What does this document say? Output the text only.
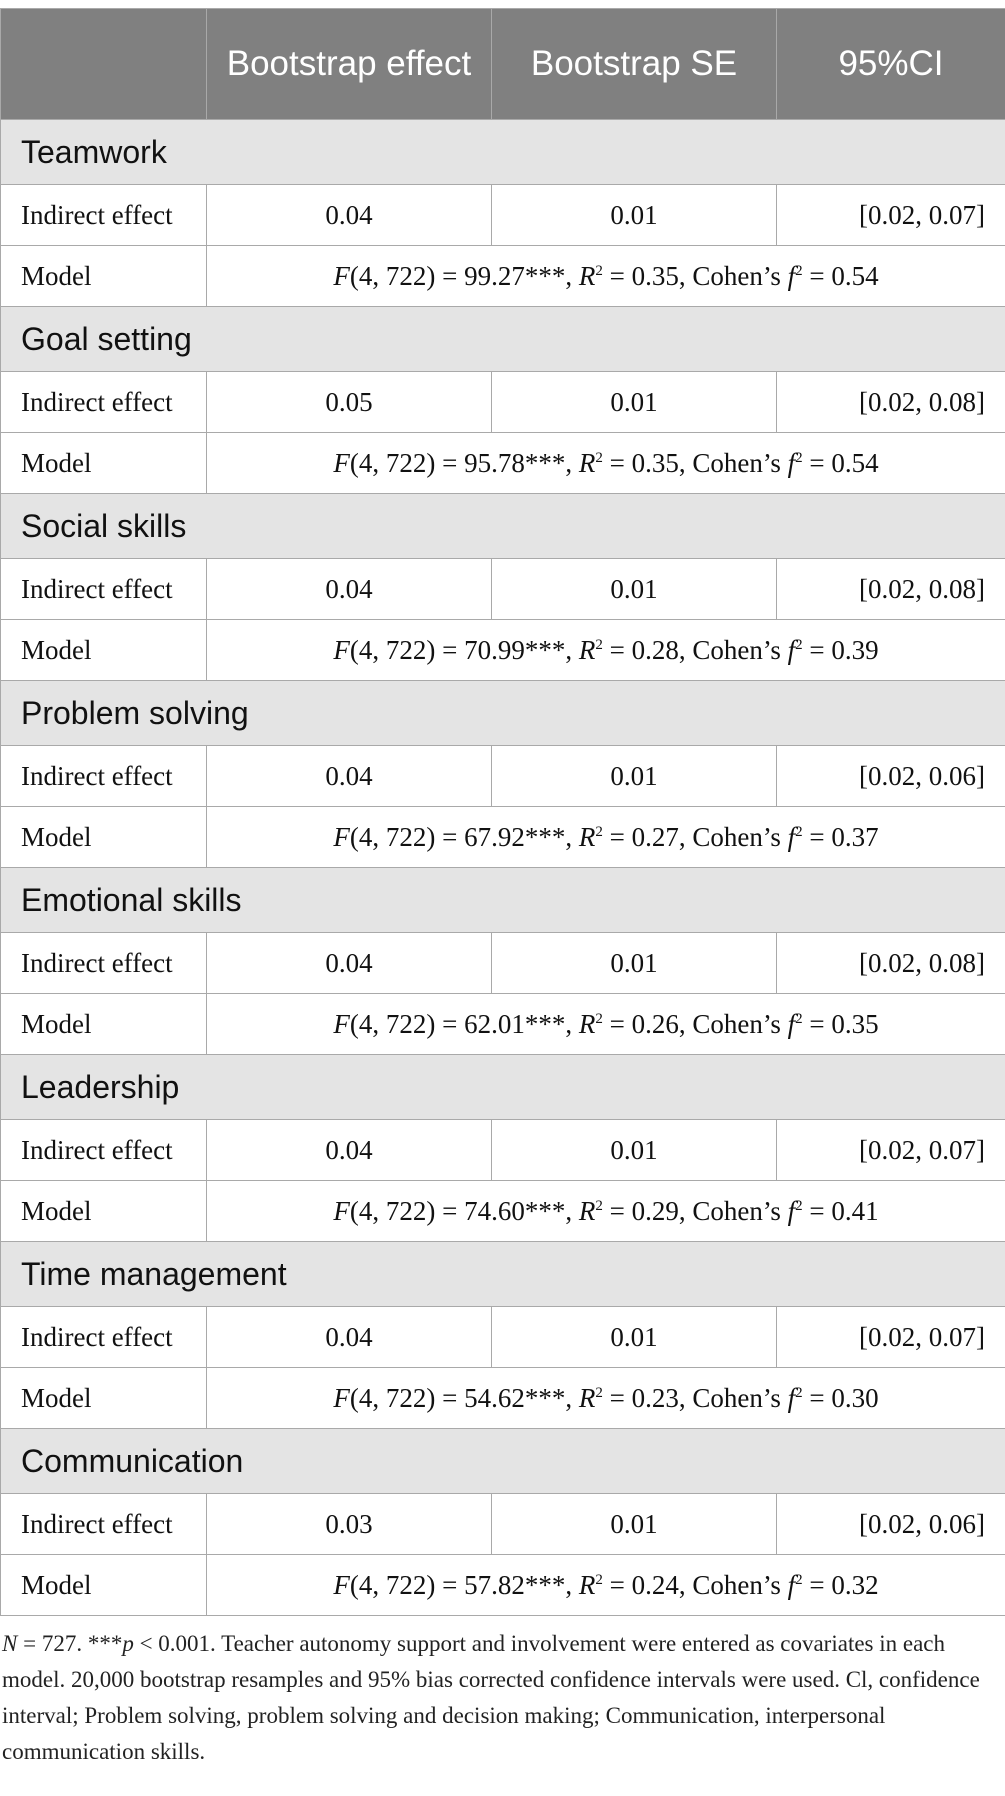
	Bootstrap effect	Bootstrap SE	95%CI
Teamwork			
Indirect effect	0.04	0.01	[0.02, 0.07]
Model	F(4, 722) = 99.27***, $R^2 = 0.35$, Cohen’s $f^2 = 0.54$		
Goal setting			
Indirect effect	0.05	0.01	[0.02, 0.08]
Model	F(4, 722) = 95.78***, $R^2 = 0.35$, Cohen’s $f^2 = 0.54$		
Social skills			
Indirect effect	0.04	0.01	[0.02, 0.08]
Model	F(4, 722) = 70.99***, $R^2 = 0.28$, Cohen’s $f^2 = 0.39$		
Problem solving			
Indirect effect	0.04	0.01	[0.02, 0.06]
Model	F(4, 722) = 67.92***, $R^2 = 0.27$, Cohen’s $f^2 = 0.37$		
Emotional skills			
Indirect effect	0.04	0.01	[0.02, 0.08]
Model	F(4, 722) = 62.01***, $R^2 = 0.26$, Cohen’s $f^2 = 0.35$		
Leadership			
Indirect effect	0.04	0.01	[0.02, 0.07]
Model	F(4, 722) = 74.60***, $R^2 = 0.29$, Cohen’s $f^2 = 0.41$		
Time management			
Indirect effect	0.04	0.01	[0.02, 0.07]
Model	F(4, 722) = 54.62***, $R^2 = 0.23$, Cohen’s $f^2 = 0.30$		
Communication			
Indirect effect	0.03	0.01	[0.02, 0.06]
Model	F(4, 722) = 57.82***, $R^2 = 0.24$, Cohen’s $f^2 = 0.32$		
N = 727. ***p < 0.001. Teacher autonomy support and involvement were entered as covariates in each model. 20,000 bootstrap resamples and 95% bias corrected confidence intervals were used. Cl, confidence interval; Problem solving, problem solving and decision making; Communication, interpersonal communication skills.
